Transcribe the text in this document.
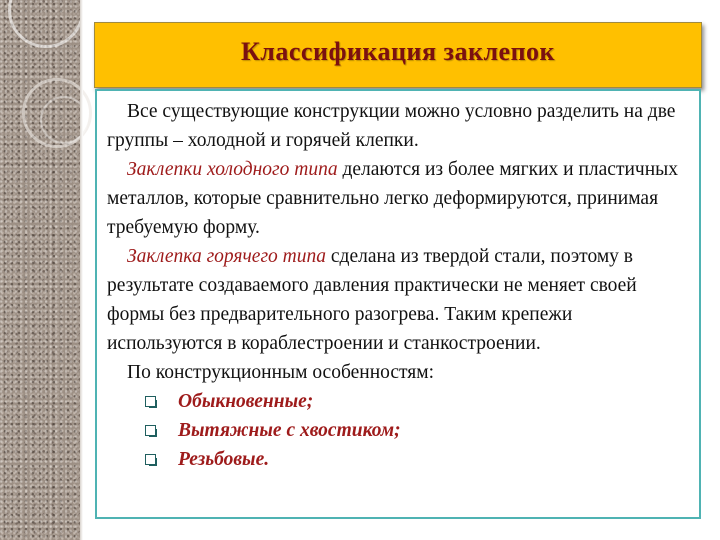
Классификация заклепок

Все существующие конструкции можно условно разделить на две группы – холодной и горячей клепки.

Заклепки холодного типа делаются из более мягких и пластичных металлов, которые сравнительно легко деформируются, принимая требуемую форму.

Заклепка горячего типа сделана из твердой стали, поэтому в результате создаваемого давления практически не меняет своей формы без предварительного разогрева. Таким крепежи используются в кораблестроении и станкостроении.

По конструкционным особенностям:

Обыкновенные;
Вытяжные с хвостиком;
Резьбовые.
